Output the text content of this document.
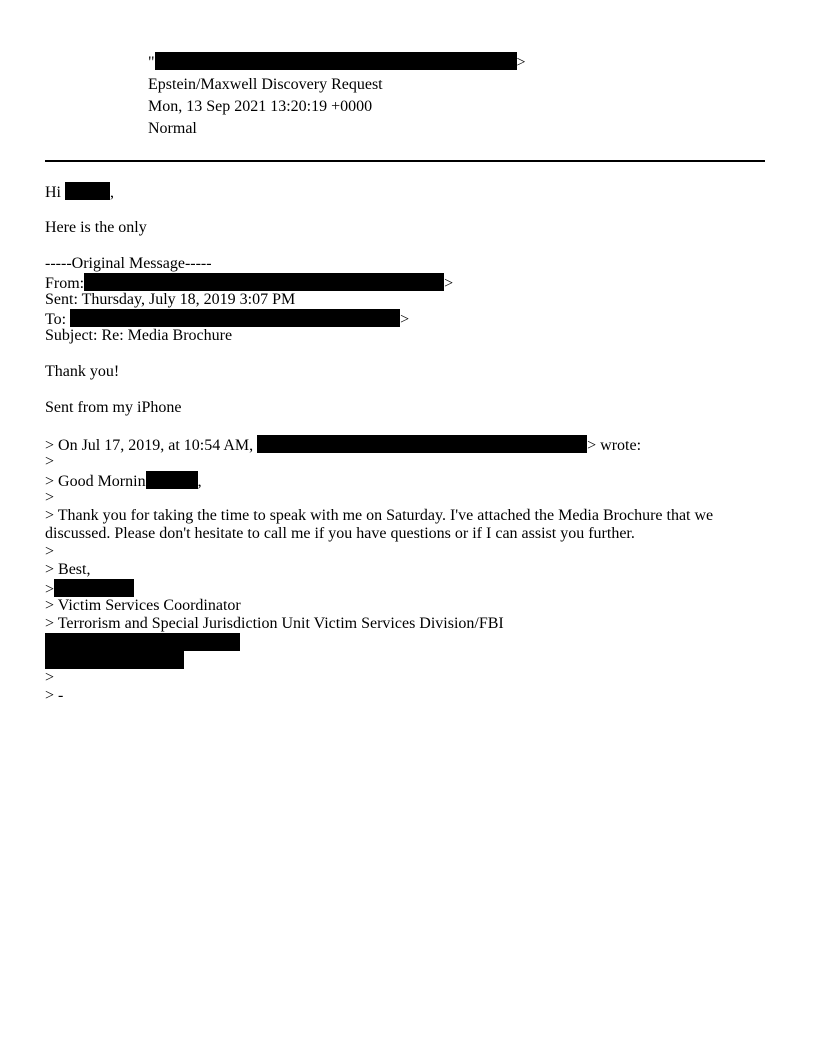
"	>
Epstein/Maxwell Discovery Request
Mon, 13 Sep 2021 13:20:19 +0000
Normal
Hi	,
Here is the only
-----Original Message-----
From:	>
Sent: Thursday, July 18, 2019 3:07 PM
To:	>
Subject: Re: Media Brochure
Thank you!
Sent from my iPhone
> On Jul 17, 2019, at 10:54 AM,	> wrote:
>
> Good Mornin	,
>
> Thank you for taking the time to speak with me on Saturday. I've attached the Media Brochure that we discussed. Please don't hesitate to call me if you have questions or if I can assist you further.
>
> Best,
>
> Victim Services Coordinator
> Terrorism and Special Jurisdiction Unit Victim Services Division/FBI
>
> -
